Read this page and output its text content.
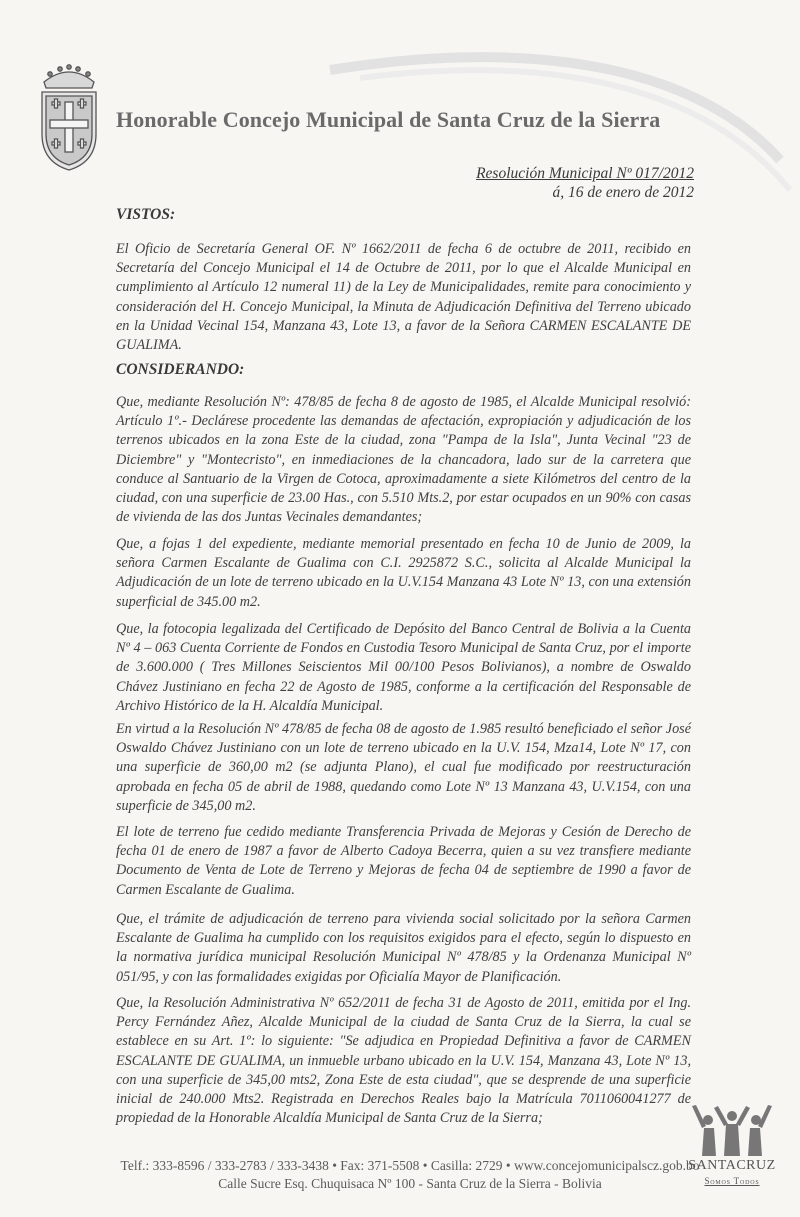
Honorable Concejo Municipal de Santa Cruz de la Sierra
Resolución Municipal Nº 017/2012
á, 16 de enero de 2012
VISTOS:

El Oficio de Secretaría General OF. Nº 1662/2011 de fecha 6 de octubre de 2011, recibido en Secretaría del Concejo Municipal el 14 de Octubre de 2011, por lo que el Alcalde Municipal en cumplimiento al Artículo 12 numeral 11) de la Ley de Municipalidades, remite para conocimiento y consideración del H. Concejo Municipal, la Minuta de Adjudicación Definitiva del Terreno ubicado en la Unidad Vecinal 154, Manzana 43, Lote 13, a favor de la Señora CARMEN ESCALANTE DE GUALIMA.

CONSIDERANDO:

Que, mediante Resolución Nº: 478/85 de fecha 8 de agosto de 1985, el Alcalde Municipal resolvió: Artículo 1º.- Declárese procedente las demandas de afectación, expropiación y adjudicación de los terrenos ubicados en la zona Este de la ciudad, zona "Pampa de la Isla", Junta Vecinal "23 de Diciembre" y "Montecristo", en inmediaciones de la chancadora, lado sur de la carretera que conduce al Santuario de la Virgen de Cotoca, aproximadamente a siete Kilómetros del centro de la ciudad, con una superficie de 23.00 Has., con 5.510 Mts.2, por estar ocupados en un 90% con casas de vivienda de las dos Juntas Vecinales demandantes;

Que, a fojas 1 del expediente, mediante memorial presentado en fecha 10 de Junio de 2009, la señora Carmen Escalante de Gualima con C.I. 2925872 S.C., solicita al Alcalde Municipal la Adjudicación de un lote de terreno ubicado en la U.V.154 Manzana 43 Lote Nº 13, con una extensión superficial de 345.00 m2.

Que, la fotocopia legalizada del Certificado de Depósito del Banco Central de Bolivia a la Cuenta Nº 4 – 063 Cuenta Corriente de Fondos en Custodia Tesoro Municipal de Santa Cruz, por el importe de 3.600.000 ( Tres Millones Seiscientos Mil 00/100 Pesos Bolivianos), a nombre de Oswaldo Chávez Justiniano en fecha 22 de Agosto de 1985, conforme a la certificación del Responsable de Archivo Histórico de la H. Alcaldía Municipal.

En virtud a la Resolución Nº 478/85 de fecha 08 de agosto de 1.985 resultó beneficiado el señor José Oswaldo Chávez Justiniano con un lote de terreno ubicado en la U.V. 154, Mza14, Lote Nº 17, con una superficie de 360,00 m2 (se adjunta Plano), el cual fue modificado por reestructuración aprobada en fecha 05 de abril de 1988, quedando como Lote Nº 13 Manzana 43, U.V.154, con una superficie de 345,00 m2.

El lote de terreno fue cedido mediante Transferencia Privada de Mejoras y Cesión de Derecho de fecha 01 de enero de 1987 a favor de Alberto Cadoya Becerra, quien a su vez transfiere mediante Documento de Venta de Lote de Terreno y Mejoras de fecha 04 de septiembre de 1990 a favor de Carmen Escalante de Gualima.

Que, el trámite de adjudicación de terreno para vivienda social solicitado por la señora Carmen Escalante de Gualima ha cumplido con los requisitos exigidos para el efecto, según lo dispuesto en la normativa jurídica municipal Resolución Municipal Nº 478/85 y la Ordenanza Municipal Nº 051/95, y con las formalidades exigidas por Oficialía Mayor de Planificación.

Que, la Resolución Administrativa Nº 652/2011 de fecha 31 de Agosto de 2011, emitida por el Ing. Percy Fernández Añez, Alcalde Municipal de la ciudad de Santa Cruz de la Sierra, la cual se establece en su Art. 1º: lo siguiente: "Se adjudica en Propiedad Definitiva a favor de CARMEN ESCALANTE DE GUALIMA, un inmueble urbano ubicado en la U.V. 154, Manzana 43, Lote Nº 13, con una superficie de 345,00 mts2, Zona Este de esta ciudad", que se desprende de una superficie inicial de 240.000 Mts2. Registrada en Derechos Reales bajo la Matrícula 7011060041277 de propiedad de la Honorable Alcaldía Municipal de Santa Cruz de la Sierra;

Telf.: 333-8596 / 333-2783 / 333-3438 • Fax: 371-5508 • Casilla: 2729 • www.concejomunicipalscz.gob.bo
Calle Sucre Esq. Chuquisaca Nº 100 - Santa Cruz de la Sierra - Bolivia
SANTACRUZ
Somos Todos
